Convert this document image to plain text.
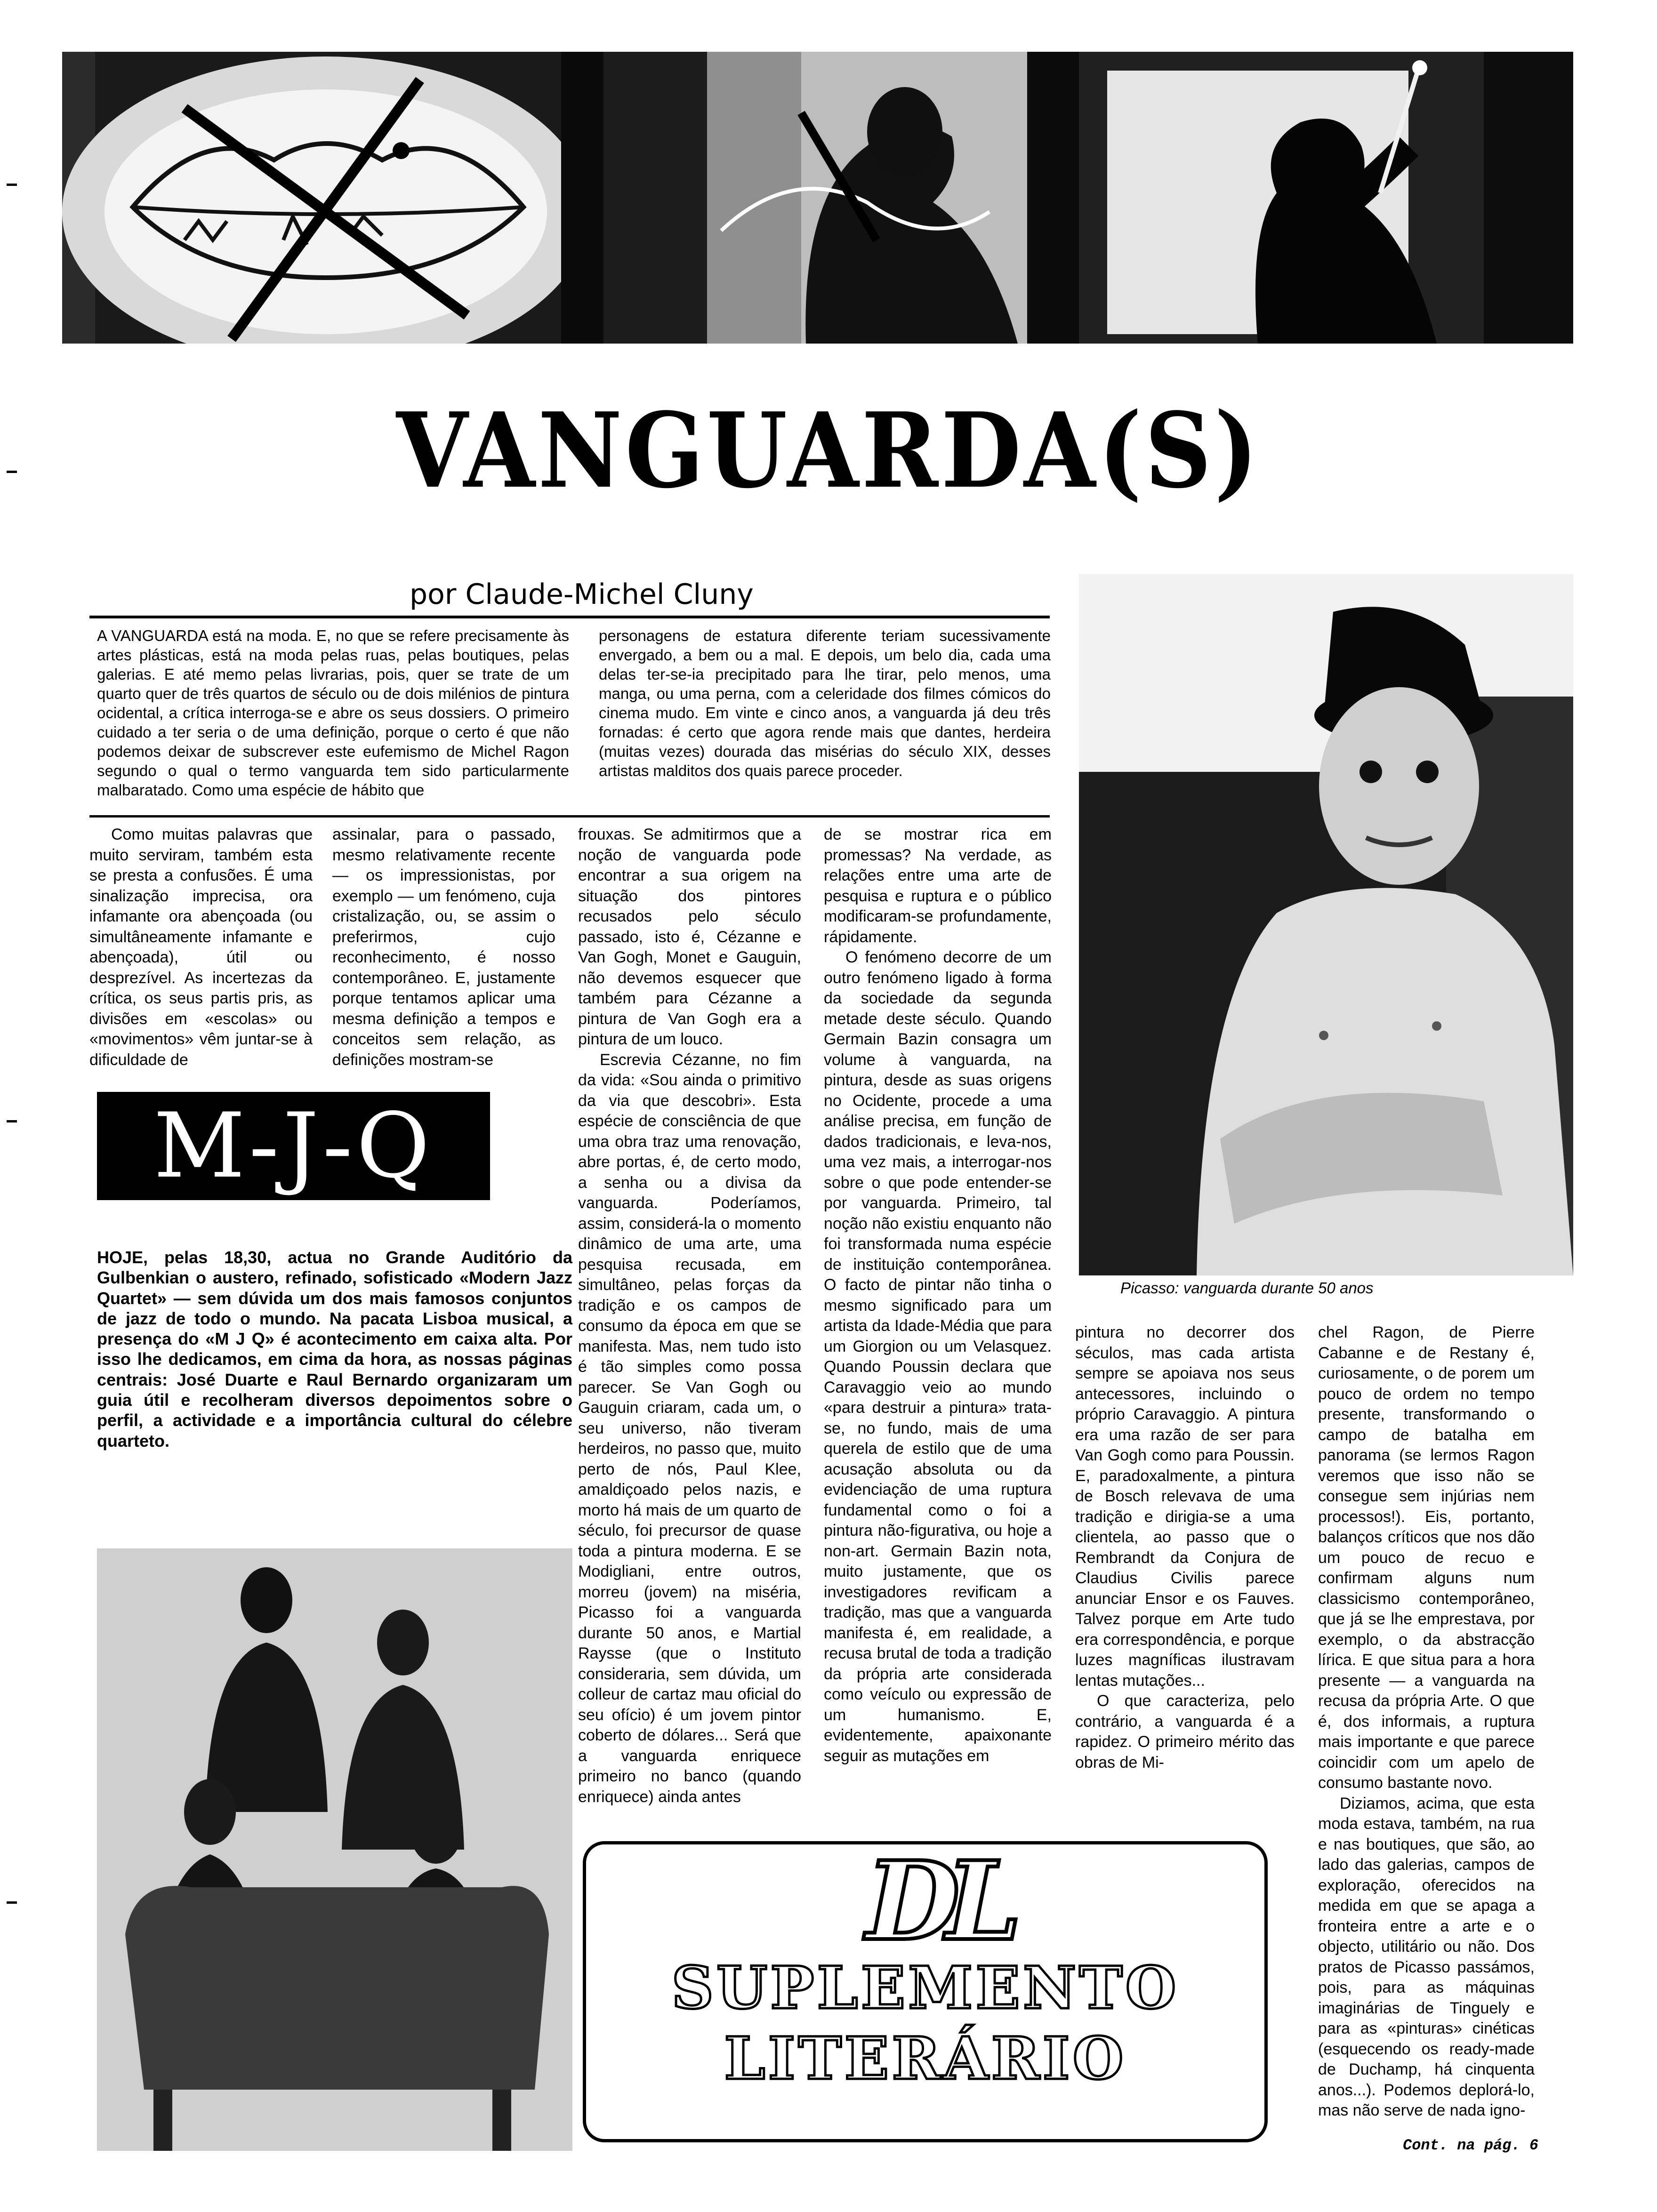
VANGUARDA(S)
por Claude-Michel Cluny

A VANGUARDA está na moda. E, no que se refere precisamente às artes plásticas, está na moda pelas ruas, pelas boutiques, pelas galerias. E até memo pelas livrarias, pois, quer se trate de um quarto quer de três quartos de século ou de dois milénios de pintura ocidental, a crítica interroga-se e abre os seus dossiers. O primeiro cuidado a ter seria o de uma definição, porque o certo é que não podemos deixar de subscrever este eufemismo de Michel Ragon segundo o qual o termo vanguarda tem sido particularmente malbaratado. Como uma espécie de hábito que

personagens de estatura diferente teriam sucessivamente envergado, a bem ou a mal. E depois, um belo dia, cada uma delas ter-se-ia precipitado para lhe tirar, pelo menos, uma manga, ou uma perna, com a celeridade dos filmes cómicos do cinema mudo. Em vinte e cinco anos, a vanguarda já deu três fornadas: é certo que agora rende mais que dantes, herdeira (muitas vezes) dourada das misérias do século XIX, desses artistas malditos dos quais parece proceder.

Como muitas palavras que muito serviram, também esta se presta a confusões. É uma sinalização imprecisa, ora infamante ora abençoada (ou simultâneamente infamante e abençoada), útil ou desprezível. As incertezas da crítica, os seus partis pris, as divisões em «escolas» ou «movimentos» vêm juntar-se à dificuldade de

assinalar, para o passado, mesmo relativamente recente — os impressionistas, por exemplo — um fenómeno, cuja cristalização, ou, se assim o preferirmos, cujo reconhecimento, é nosso contemporâneo. E, justamente porque tentamos aplicar uma mesma definição a tempos e conceitos sem relação, as definições mostram-se

frouxas. Se admitirmos que a noção de vanguarda pode encontrar a sua origem na situação dos pintores recusados pelo século passado, isto é, Cézanne e Van Gogh, Monet e Gauguin, não devemos esquecer que também para Cézanne a pintura de Van Gogh era a pintura de um louco.

Escrevia Cézanne, no fim da vida: «Sou ainda o primitivo da via que descobri». Esta espécie de consciência de que uma obra traz uma renovação, abre portas, é, de certo modo, a senha ou a divisa da vanguarda. Poderíamos, assim, considerá-la o momento dinâmico de uma arte, uma pesquisa recusada, em simultâneo, pelas forças da tradição e os campos de consumo da época em que se manifesta. Mas, nem tudo isto é tão simples como possa parecer. Se Van Gogh ou Gauguin criaram, cada um, o seu universo, não tiveram herdeiros, no passo que, muito perto de nós, Paul Klee, amaldiçoado pelos nazis, e morto há mais de um quarto de século, foi precursor de quase toda a pintura moderna. E se Modigliani, entre outros, morreu (jovem) na miséria, Picasso foi a vanguarda durante 50 anos, e Martial Raysse (que o Instituto consideraria, sem dúvida, um colleur de cartaz mau oficial do seu ofício) é um jovem pintor coberto de dólares... Será que a vanguarda enriquece primeiro no banco (quando enriquece) ainda antes

de se mostrar rica em promessas? Na verdade, as relações entre uma arte de pesquisa e ruptura e o público modificaram-se profundamente, rápidamente.

O fenómeno decorre de um outro fenómeno ligado à forma da sociedade da segunda metade deste século. Quando Germain Bazin consagra um volume à vanguarda, na pintura, desde as suas origens no Ocidente, procede a uma análise precisa, em função de dados tradicionais, e leva-nos, uma vez mais, a interrogar-nos sobre o que pode entender-se por vanguarda. Primeiro, tal noção não existiu enquanto não foi transformada numa espécie de instituição contemporânea. O facto de pintar não tinha o mesmo significado para um artista da Idade-Média que para um Giorgion ou um Velasquez. Quando Poussin declara que Caravaggio veio ao mundo «para destruir a pintura» trata-se, no fundo, mais de uma querela de estilo que de uma acusação absoluta ou da evidenciação de uma ruptura fundamental como o foi a pintura não-figurativa, ou hoje a non-art. Germain Bazin nota, muito justamente, que os investigadores revificam a tradição, mas que a vanguarda manifesta é, em realidade, a recusa brutal de toda a tradição da própria arte considerada como veículo ou expressão de um humanismo. E, evidentemente, apaixonante seguir as mutações em

Picasso: vanguarda durante 50 anos
M-J-Q
HOJE, pelas 18,30, actua no Grande Auditório da Gulbenkian o austero, refinado, sofisticado «Modern Jazz Quartet» — sem dúvida um dos mais famosos conjuntos de jazz de todo o mundo. Na pacata Lisboa musical, a presença do «M J Q» é acontecimento em caixa alta. Por isso lhe dedicamos, em cima da hora, as nossas páginas centrais: José Duarte e Raul Bernardo organizaram um guia útil e recolheram diversos depoimentos sobre o perfil, a actividade e a importância cultural do célebre quarteto.

pintura no decorrer dos séculos, mas cada artista sempre se apoiava nos seus antecessores, incluindo o próprio Caravaggio. A pintura era uma razão de ser para Van Gogh como para Poussin. E, paradoxalmente, a pintura de Bosch relevava de uma tradição e dirigia-se a uma clientela, ao passo que o Rembrandt da Conjura de Claudius Civilis parece anunciar Ensor e os Fauves. Talvez porque em Arte tudo era correspondência, e porque luzes magníficas ilustravam lentas mutações...

O que caracteriza, pelo contrário, a vanguarda é a rapidez. O primeiro mérito das obras de Mi-

chel Ragon, de Pierre Cabanne e de Restany é, curiosamente, o de porem um pouco de ordem no tempo presente, transformando o campo de batalha em panorama (se lermos Ragon veremos que isso não se consegue sem injúrias nem processos!). Eis, portanto, balanços críticos que nos dão um pouco de recuo e confirmam alguns num classicismo contemporâneo, que já se lhe emprestava, por exemplo, o da abstracção lírica. E que situa para a hora presente — a vanguarda na recusa da própria Arte. O que é, dos informais, a ruptura mais importante e que parece coincidir com um apelo de consumo bastante novo.

Diziamos, acima, que esta moda estava, também, na rua e nas boutiques, que são, ao lado das galerias, campos de exploração, oferecidos na medida em que se apaga a fronteira entre a arte e o objecto, utilitário ou não. Dos pratos de Picasso passámos, pois, para as máquinas imaginárias de Tinguely e para as «pinturas» cinéticas (esquecendo os ready-made de Duchamp, há cinquenta anos...). Podemos deplorá-lo, mas não serve de nada igno-

DL
SUPLEMENTO
LITERÁRIO
Cont. na pág. 6
